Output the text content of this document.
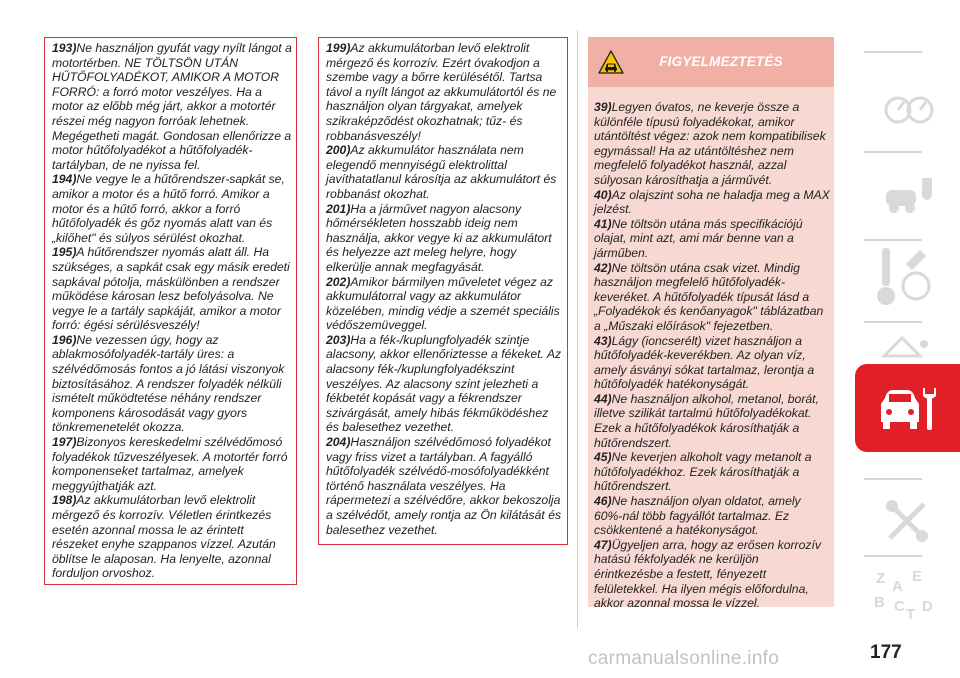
193)Ne használjon gyufát vagy nyílt lángot a motortérben. NE TÖLTSÖN UTÁN HŰTŐFOLYADÉKOT, AMIKOR A MOTOR FORRÓ: a forró motor veszélyes. Ha a motor az előbb még járt, akkor a motortér részei még nagyon forróak lehetnek. Megégetheti magát. Gondosan ellenőrizze a motor hűtőfolyadékot a hűtőfolyadék-tartályban, de ne nyissa fel.

194)Ne vegye le a hűtőrendszer-sapkát se, amikor a motor és a hűtő forró. Amikor a motor és a hűtő forró, akkor a forró hűtőfolyadék és gőz nyomás alatt van és „kilőhet" és súlyos sérülést okozhat.

195)A hűtőrendszer nyomás alatt áll. Ha szükséges, a sapkát csak egy másik eredeti sapkával pótolja, máskülönben a rendszer működése károsan lesz befolyásolva. Ne vegye le a tartály sapkáját, amikor a motor forró: égési sérülésveszély!

196)Ne vezessen úgy, hogy az ablakmosófolyadék-tartály üres: a szélvédőmosás fontos a jó látási viszonyok biztosításához. A rendszer folyadék nélküli ismételt működtetése néhány rendszer komponens károsodását vagy gyors tönkremenetelét okozza.

197)Bizonyos kereskedelmi szélvédőmosó folyadékok tűzveszélyesek. A motortér forró komponenseket tartalmaz, amelyek meggyújthatják azt.

198)Az akkumulátorban levő elektrolit mérgező és korrozív. Véletlen érintkezés esetén azonnal mossa le az érintett részeket enyhe szappanos vízzel. Azután öblítse le alaposan. Ha lenyelte, azonnal forduljon orvoshoz.

199)Az akkumulátorban levő elektrolit mérgező és korrozív. Ezért óvakodjon a szembe vagy a bőrre kerülésétől. Tartsa távol a nyílt lángot az akkumulátortól és ne használjon olyan tárgyakat, amelyek szikraképződést okozhatnak; tűz- és robbanásveszély!

200)Az akkumulátor használata nem elegendő mennyiségű elektrolittal javíthatatlanul károsítja az akkumulátort és robbanást okozhat.

201)Ha a járművet nagyon alacsony hőmérsékleten hosszabb ideig nem használja, akkor vegye ki az akkumulátort és helyezze azt meleg helyre, hogy elkerülje annak megfagyását.

202)Amikor bármilyen műveletet végez az akkumulátorral vagy az akkumulátor közelében, mindig védje a szemét speciális védőszemüveggel.

203)Ha a fék-/kuplungfolyadék szintje alacsony, akkor ellenőriztesse a fékeket. Az alacsony fék-/kuplungfolyadékszint veszélyes. Az alacsony szint jelezheti a fékbetét kopását vagy a fékrendszer szivárgását, amely hibás fékműködéshez és balesethez vezethet.

204)Használjon szélvédőmosó folyadékot vagy friss vizet a tartályban. A fagyálló hűtőfolyadék szélvédő-mosófolyadékként történő használata veszélyes. Ha rápermetezi a szélvédőre, akkor bekoszolja a szélvédőt, amely rontja az Ön kilátását és balesethez vezethet.

FIGYELMEZTETÉS

39)Legyen óvatos, ne keverje össze a különféle típusú folyadékokat, amikor utántöltést végez: azok nem kompatibilisek egymással! Ha az utántöltéshez nem megfelelő folyadékot használ, azzal súlyosan károsíthatja a járművét.

40)Az olajszint soha ne haladja meg a MAX jelzést.

41)Ne töltsön utána más specifikációjú olajat, mint azt, ami már benne van a járműben.

42)Ne töltsön utána csak vizet. Mindig használjon megfelelő hűtőfolyadék-keveréket. A hűtőfolyadék típusát lásd a „Folyadékok és kenőanyagok" táblázatban a „Műszaki előírások" fejezetben.

43)Lágy (ioncserélt) vizet használjon a hűtőfolyadék-keverékben. Az olyan víz, amely ásványi sókat tartalmaz, lerontja a hűtőfolyadék hatékonyságát.

44)Ne használjon alkohol, metanol, borát, illetve szilikát tartalmú hűtőfolyadékokat. Ezek a hűtőfolyadékok károsíthatják a hűtőrendszert.

45)Ne keverjen alkoholt vagy metanolt a hűtőfolyadékhoz. Ezek károsíthatják a hűtőrendszert.

46)Ne használjon olyan oldatot, amely 60%-nál több fagyállót tartalmaz. Ez csökkentené a hatékonyságot.

47)Ügyeljen arra, hogy az erősen korrozív hatású fékfolyadék ne kerüljön érintkezésbe a festett, fényezett felületekkel. Ha ilyen mégis előfordulna, akkor azonnal mossa le vízzel.

Z E
A
B C T D
177
carmanualsonline.info
